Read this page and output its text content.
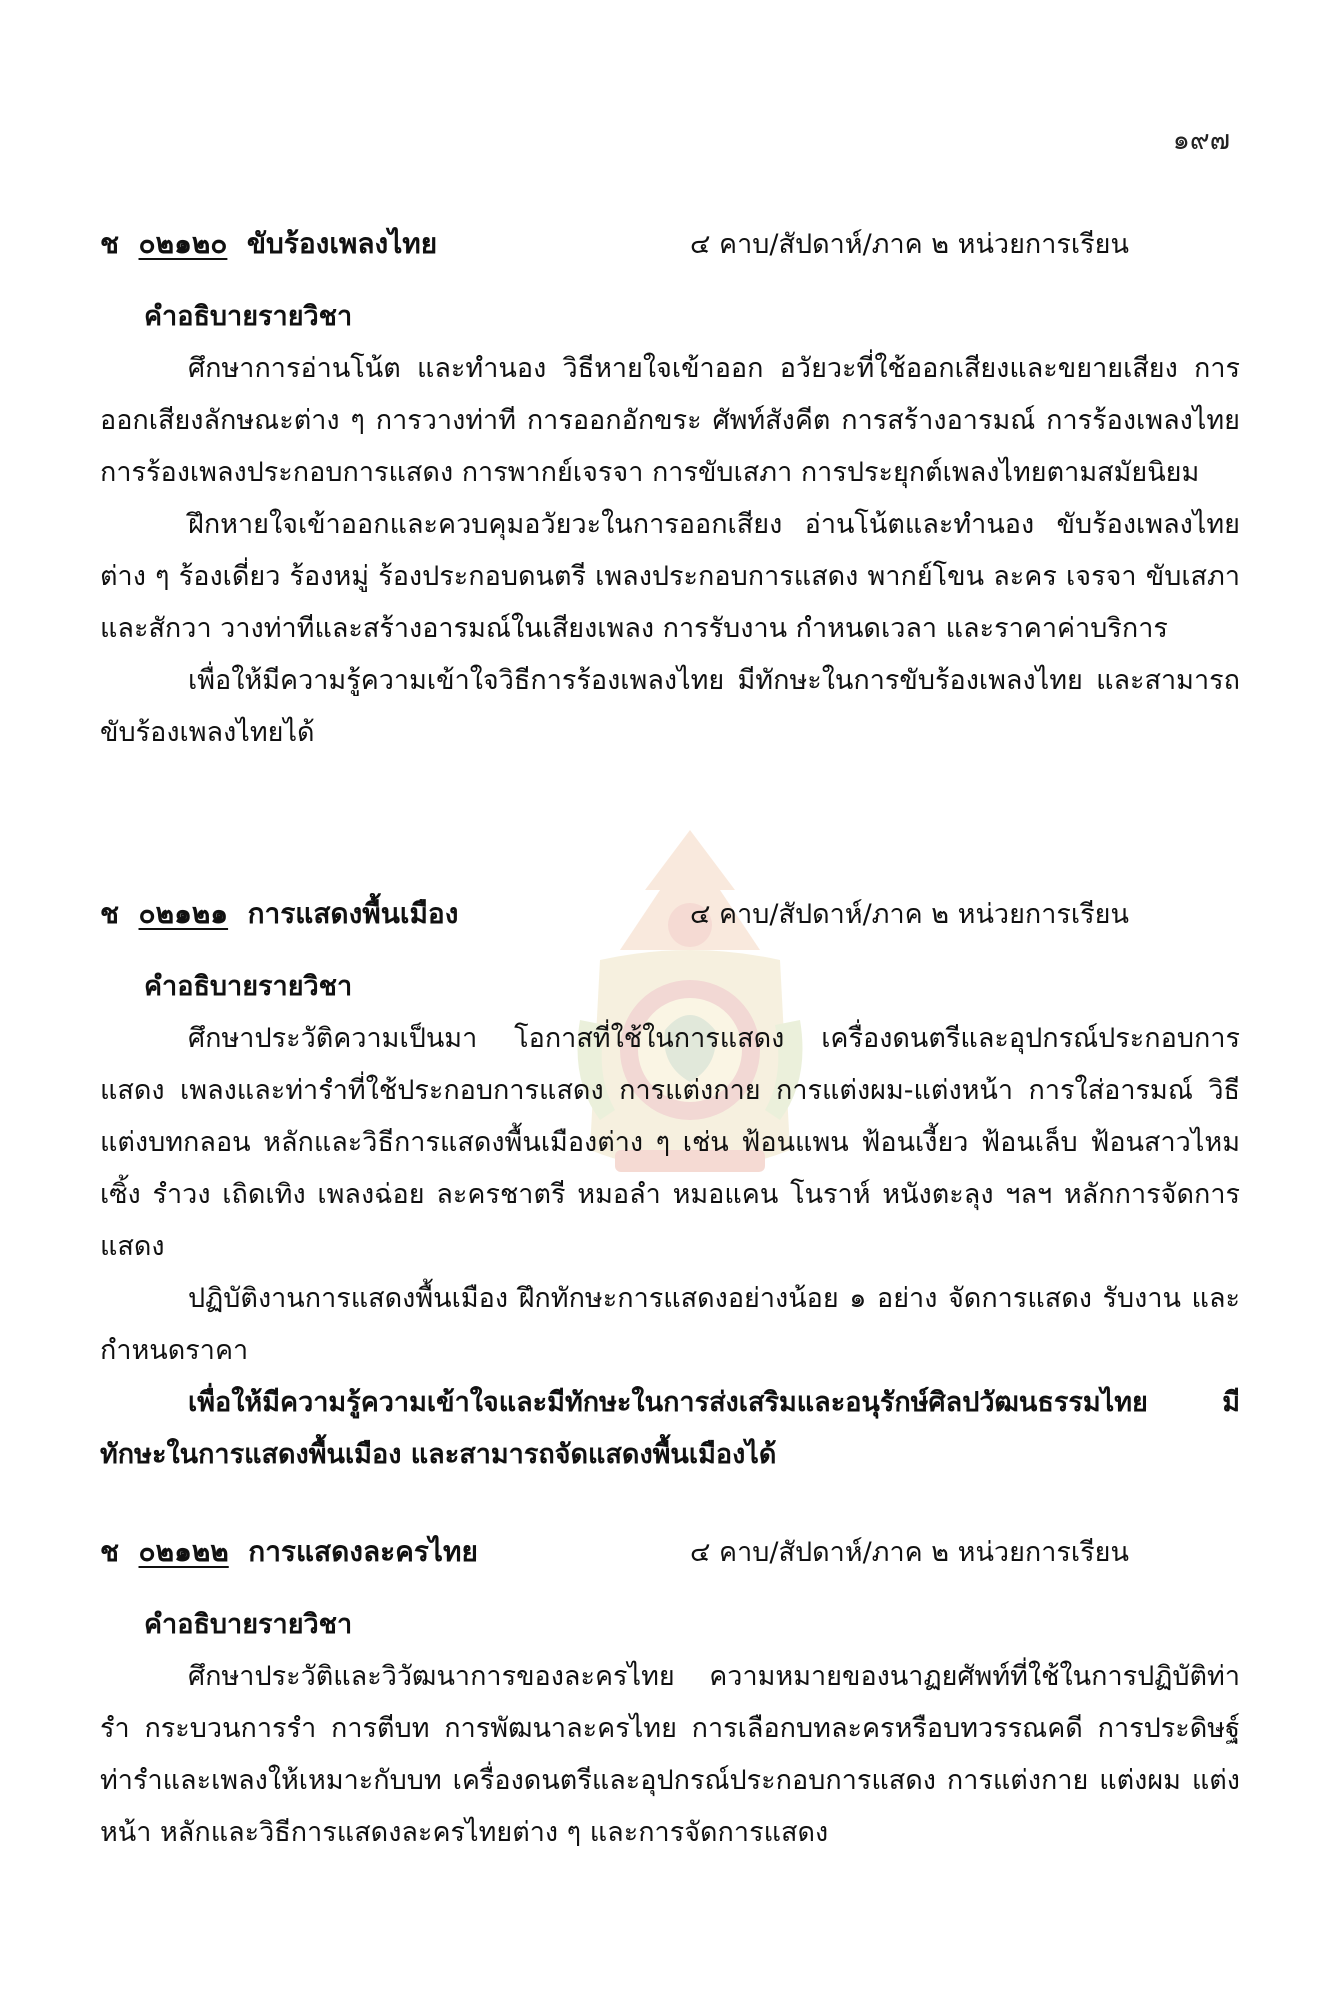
๑๙๗
ช ๐๒๑๒๐ ขับร้องเพลงไทย	๔ คาบ/สัปดาห์/ภาค ๒ หน่วยการเรียน
คำอธิบายรายวิชา

ศึกษาการอ่านโน้ต และทำนอง วิธีหายใจเข้าออก อวัยวะที่ใช้ออกเสียงและขยายเสียง การออกเสียงลักษณะต่าง ๆ การวางท่าที การออกอักขระ ศัพท์สังคีต การสร้างอารมณ์ การร้องเพลงไทย การร้องเพลงประกอบการแสดง การพากย์เจรจา การขับเสภา การประยุกต์เพลงไทยตามสมัยนิยม

ฝึกหายใจเข้าออกและควบคุมอวัยวะในการออกเสียง อ่านโน้ตและทำนอง ขับร้องเพลงไทยต่าง ๆ ร้องเดี่ยว ร้องหมู่ ร้องประกอบดนตรี เพลงประกอบการแสดง พากย์โขน ละคร เจรจา ขับเสภา และสักวา วางท่าทีและสร้างอารมณ์ในเสียงเพลง การรับงาน กำหนดเวลา และราคาค่าบริการ

เพื่อให้มีความรู้ความเข้าใจวิธีการร้องเพลงไทย มีทักษะในการขับร้องเพลงไทย และสามารถขับร้องเพลงไทยได้

ช ๐๒๑๒๑ การแสดงพื้นเมือง	๔ คาบ/สัปดาห์/ภาค ๒ หน่วยการเรียน
คำอธิบายรายวิชา

ศึกษาประวัติความเป็นมา โอกาสที่ใช้ในการแสดง เครื่องดนตรีและอุปกรณ์ประกอบการแสดง เพลงและท่ารำที่ใช้ประกอบการแสดง การแต่งกาย การแต่งผม-แต่งหน้า การใส่อารมณ์ วิธีแต่งบทกลอน หลักและวิธีการแสดงพื้นเมืองต่าง ๆ เช่น ฟ้อนแพน ฟ้อนเงี้ยว ฟ้อนเล็บ ฟ้อนสาวไหม เซิ้ง รำวง เถิดเทิง เพลงฉ่อย ละครชาตรี หมอลำ หมอแคน โนราห์ หนังตะลุง ฯลฯ หลักการจัดการแสดง

ปฏิบัติงานการแสดงพื้นเมือง ฝึกทักษะการแสดงอย่างน้อย ๑ อย่าง จัดการแสดง รับงาน และกำหนดราคา

เพื่อให้มีความรู้ความเข้าใจและมีทักษะในการส่งเสริมและอนุรักษ์ศิลปวัฒนธรรมไทย มีทักษะในการแสดงพื้นเมือง และสามารถจัดแสดงพื้นเมืองได้

ช ๐๒๑๒๒ การแสดงละครไทย	๔ คาบ/สัปดาห์/ภาค ๒ หน่วยการเรียน
คำอธิบายรายวิชา

ศึกษาประวัติและวิวัฒนาการของละครไทย ความหมายของนาฏยศัพท์ที่ใช้ในการปฏิบัติท่ารำ กระบวนการรำ การตีบท การพัฒนาละครไทย การเลือกบทละครหรือบทวรรณคดี การประดิษฐ์ท่ารำและเพลงให้เหมาะกับบท เครื่องดนตรีและอุปกรณ์ประกอบการแสดง การแต่งกาย แต่งผม แต่งหน้า หลักและวิธีการแสดงละครไทยต่าง ๆ และการจัดการแสดง
